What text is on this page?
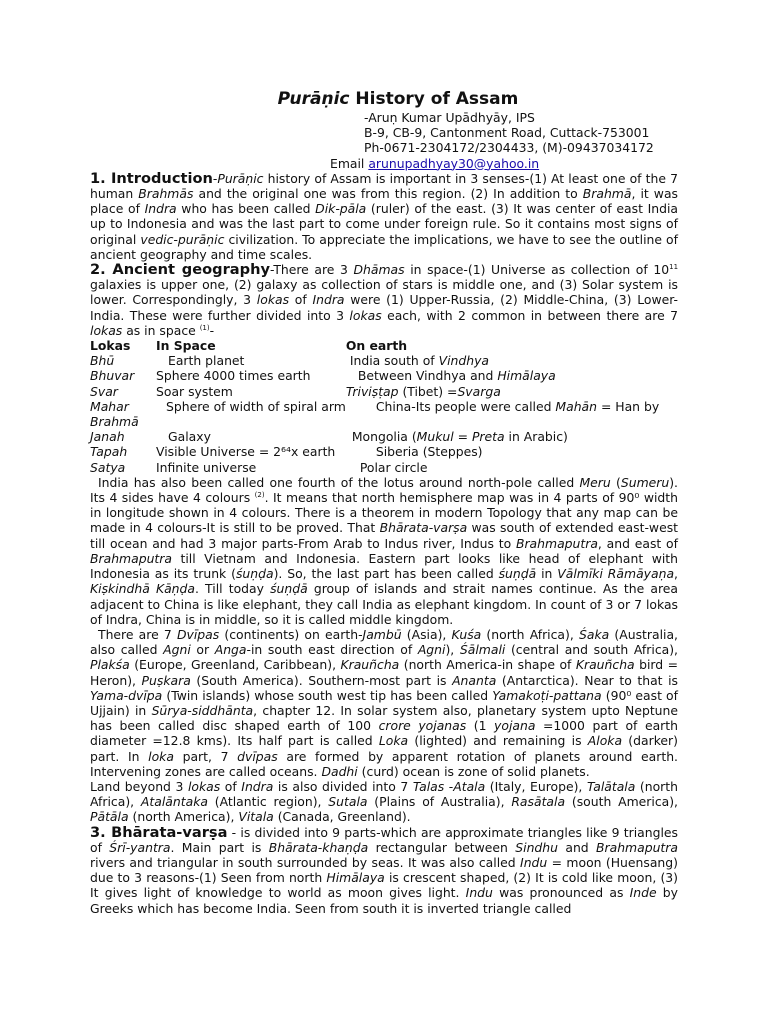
Purāṇic History of Assam
-Aruṇ Kumar Upādhyāy, IPS
B-9, CB-9, Cantonment Road, Cuttack-753001
Ph-0671-2304172/2304433, (M)-09437034172
Email arunupadhyay30@yahoo.in

1. Introduction-Purāṇic history of Assam is important in 3 senses-(1) At least one of the 7 human Brahmās and the original one was from this region. (2) In addition to Brahmā, it was place of Indra who has been called Dik-pāla (ruler) of the east. (3) It was center of east India up to Indonesia and was the last part to come under foreign rule. So it contains most signs of original vedic-purāṇic civilization. To appreciate the implications, we have to see the outline of ancient geography and time scales.

2. Ancient geography-There are 3 Dhāmas in space-(1) Universe as collection of $10^{11}$ galaxies is upper one, (2) galaxy as collection of stars is middle one, and (3) Solar system is lower. Correspondingly, 3 lokas of Indra were (1) Upper-Russia, (2) Middle-China, (3) Lower-India. These were further divided into 3 lokas each, with 2 common in between there are 7 lokas as in space $^{(1)}$-

Lokas	In Space	On earth
Bhū	Earth planet	India south of Vindhya
Bhuvar	Sphere 4000 times earth	Between Vindhya and Himālaya
Svar	Soar system	Triviṣṭap (Tibet) =Svarga
Mahar	Sphere of width of spiral arm	China-Its people were called Mahān = Han by
Brahmā		
Janah	Galaxy	Mongolia (Mukul = Preta in Arabic)
Tapah	Visible Universe = 2⁶⁴x earth	Siberia (Steppes)
Satya	Infinite universe	Polar circle

India has also been called one fourth of the lotus around north-pole called Meru (Sumeru). Its 4 sides have 4 colours $^{(2)}$. It means that north hemisphere map was in 4 parts of 90⁰ width in longitude shown in 4 colours. There is a theorem in modern Topology that any map can be made in 4 colours-It is still to be proved. That Bhārata-varṣa was south of extended east-west till ocean and had 3 major parts-From Arab to Indus river, Indus to Brahmaputra, and east of Brahmaputra till Vietnam and Indonesia. Eastern part looks like head of elephant with Indonesia as its trunk (śuṇḍa). So, the last part has been called śuṇḍā in Vālmīki Rāmāyaṇa, Kiṣkindhā Kāṇḍa. Till today śuṇḍā group of islands and strait names continue. As the area adjacent to China is like elephant, they call India as elephant kingdom. In count of 3 or 7 lokas of Indra, China is in middle, so it is called middle kingdom.

There are 7 Dvīpas (continents) on earth-Jambū (Asia), Kuśa (north Africa), Śaka (Australia, also called Agni or Anga-in south east direction of Agni), Śālmali (central and south Africa), Plakśa (Europe, Greenland, Caribbean), Krauñcha (north America-in shape of Krauñcha bird = Heron), Puṣkara (South America). Southern-most part is Ananta (Antarctica). Near to that is Yama-dvīpa (Twin islands) whose south west tip has been called Yamakoṭi-pattana (90⁰ east of Ujjain) in Sūrya-siddhānta, chapter 12. In solar system also, planetary system upto Neptune has been called disc shaped earth of 100 crore yojanas (1 yojana =1000 part of earth diameter =12.8 kms). Its half part is called Loka (lighted) and remaining is Aloka (darker) part. In loka part, 7 dvīpas are formed by apparent rotation of planets around earth. Intervening zones are called oceans. Dadhi (curd) ocean is zone of solid planets.

Land beyond 3 lokas of Indra is also divided into 7 Talas -Atala (Italy, Europe), Talātala (north Africa), Atalāntaka (Atlantic region), Sutala (Plains of Australia), Rasātala (south America), Pātāla (north America), Vitala (Canada, Greenland).

3. Bhārata-varṣa - is divided into 9 parts-which are approximate triangles like 9 triangles of Śrī-yantra. Main part is Bhārata-khaṇḍa rectangular between Sindhu and Brahmaputra rivers and triangular in south surrounded by seas. It was also called Indu = moon (Huensang) due to 3 reasons-(1) Seen from north Himālaya is crescent shaped, (2) It is cold like moon, (3) It gives light of knowledge to world as moon gives light. Indu was pronounced as Inde by Greeks which has become India. Seen from south it is inverted triangle called
